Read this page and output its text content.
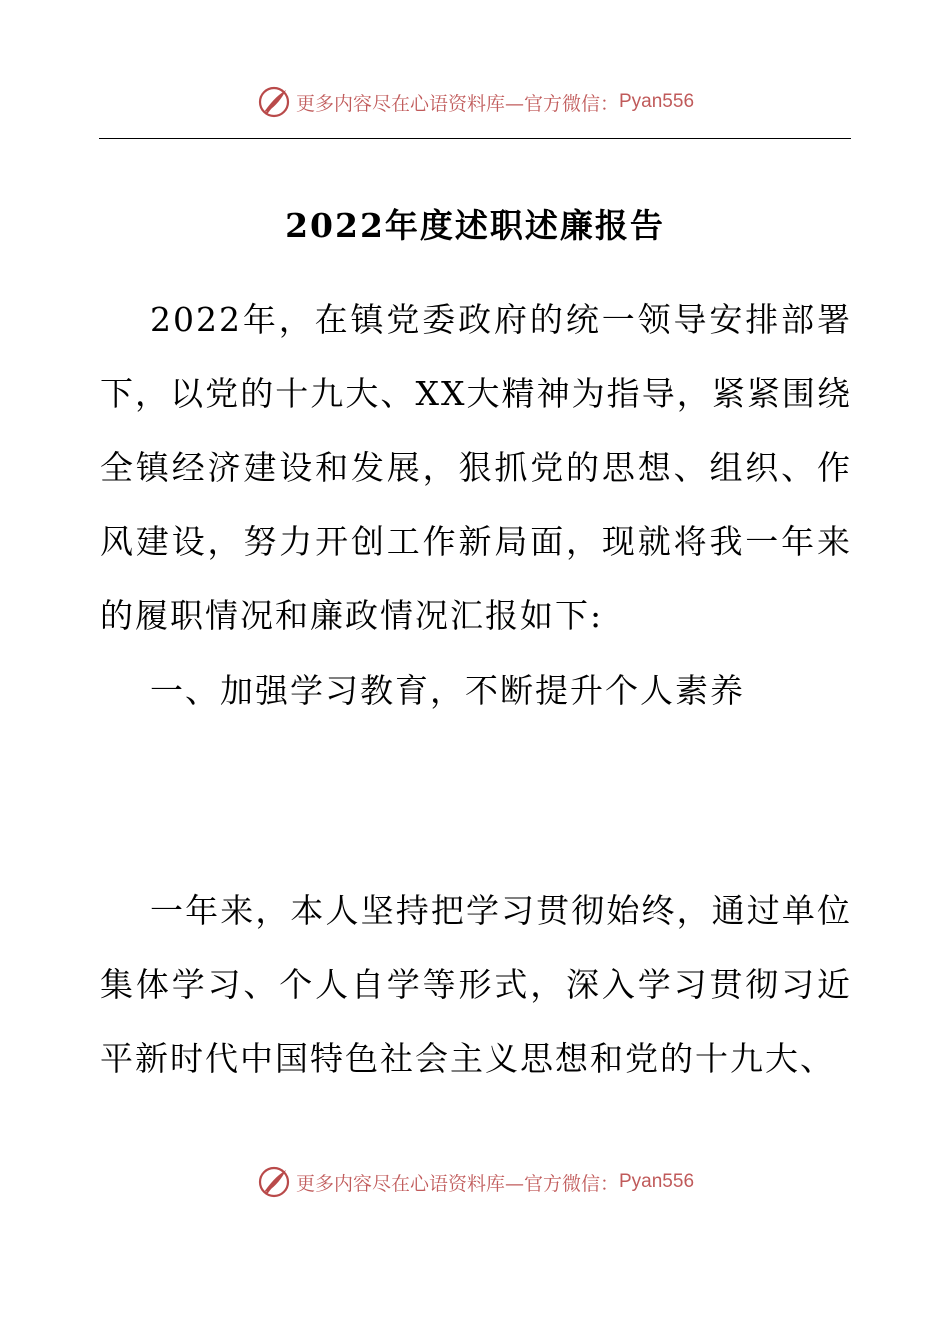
更多内容尽在心语资料库—官方微信： Pyan556
2022年度述职述廉报告

2022年，在镇党委政府的统一领导安排部署下，以党的十九大、XX大精神为指导，紧紧围绕全镇经济建设和发展，狠抓党的思想、组织、作风建设，努力开创工作新局面，现就将我一年来的履职情况和廉政情况汇报如下:

一、加强学习教育，不断提升个人素养

一年来，本人坚持把学习贯彻始终，通过单位集体学习、个人自学等形式，深入学习贯彻习近平新时代中国特色社会主义思想和党的十九大、

更多内容尽在心语资料库—官方微信： Pyan556
